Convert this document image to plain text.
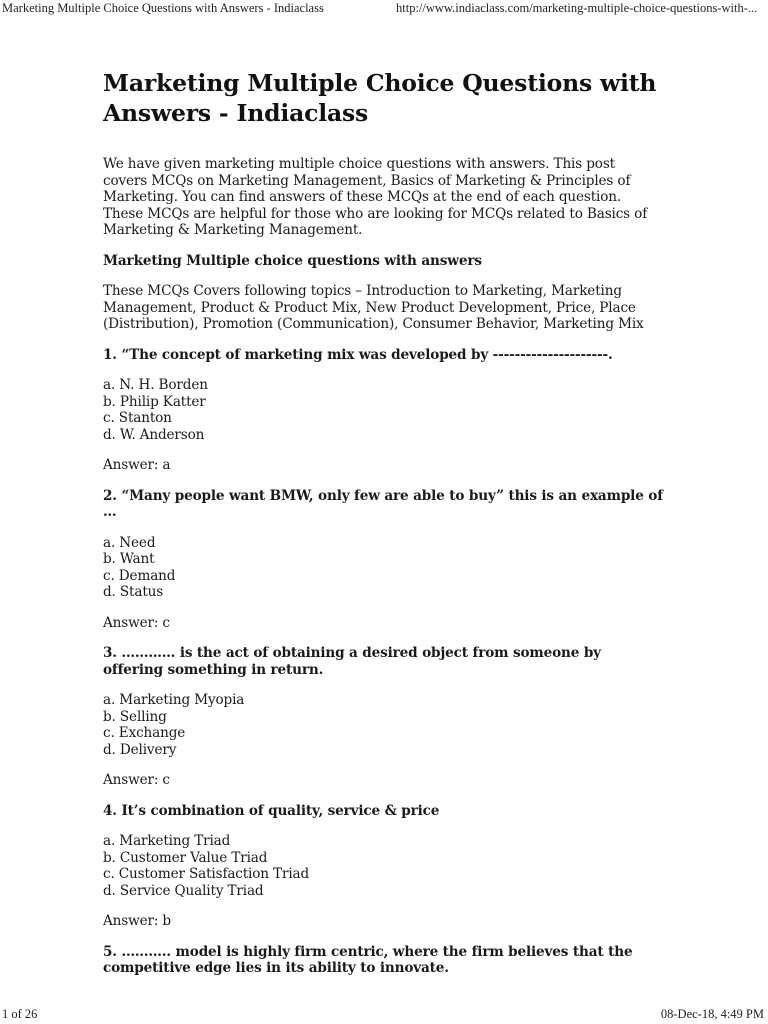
Marketing Multiple Choice Questions with Answers - Indiaclass	http://www.indiaclass.com/marketing-multiple-choice-questions-with-...
Marketing Multiple Choice Questions with Answers - Indiaclass

We have given marketing multiple choice questions with answers. This post covers MCQs on Marketing Management, Basics of Marketing & Principles of Marketing. You can find answers of these MCQs at the end of each question. These MCQs are helpful for those who are looking for MCQs related to Basics of Marketing & Marketing Management.

Marketing Multiple choice questions with answers

These MCQs Covers following topics – Introduction to Marketing, Marketing Management, Product & Product Mix, New Product Development, Price, Place (Distribution), Promotion (Communication), Consumer Behavior, Marketing Mix

1. “The concept of marketing mix was developed by ---------------------.

a. N. H. Borden
b. Philip Katter
c. Stanton
d. W. Anderson

Answer: a

2. “Many people want BMW, only few are able to buy” this is an example of …

a. Need
b. Want
c. Demand
d. Status

Answer: c

3. ………… is the act of obtaining a desired object from someone by offering something in return.

a. Marketing Myopia
b. Selling
c. Exchange
d. Delivery

Answer: c

4. It’s combination of quality, service & price

a. Marketing Triad
b. Customer Value Triad
c. Customer Satisfaction Triad
d. Service Quality Triad

Answer: b

5. ……….. model is highly firm centric, where the firm believes that the competitive edge lies in its ability to innovate.

1 of 26	08-Dec-18, 4:49 PM
